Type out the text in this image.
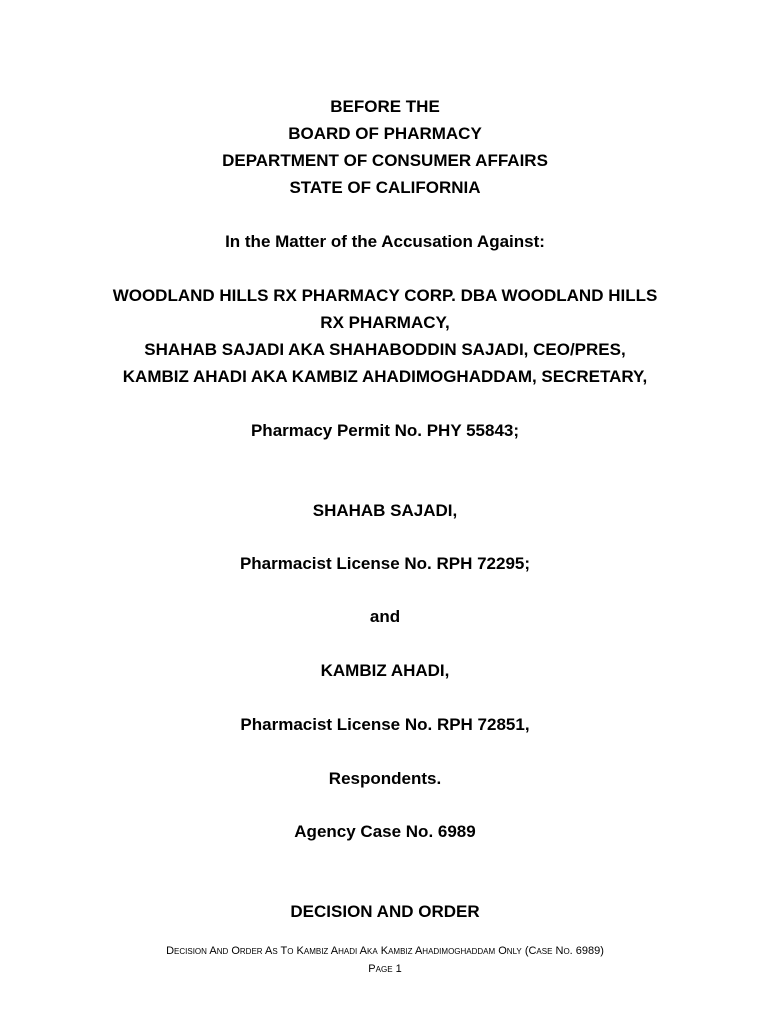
BEFORE THE
BOARD OF PHARMACY
DEPARTMENT OF CONSUMER AFFAIRS
STATE OF CALIFORNIA
In the Matter of the Accusation Against:
WOODLAND HILLS RX PHARMACY CORP. DBA WOODLAND HILLS
RX PHARMACY,
SHAHAB SAJADI AKA SHAHABODDIN SAJADI, CEO/PRES,
KAMBIZ AHADI AKA KAMBIZ AHADIMOGHADDAM, SECRETARY,
Pharmacy Permit No. PHY 55843;
SHAHAB SAJADI,
Pharmacist License No. RPH 72295;
and
KAMBIZ AHADI,
Pharmacist License No. RPH 72851,
Respondents.
Agency Case No. 6989
DECISION AND ORDER
Decision And Order As To Kambiz Ahadi Aka Kambiz Ahadimoghaddam Only (Case No. 6989)
Page 1
